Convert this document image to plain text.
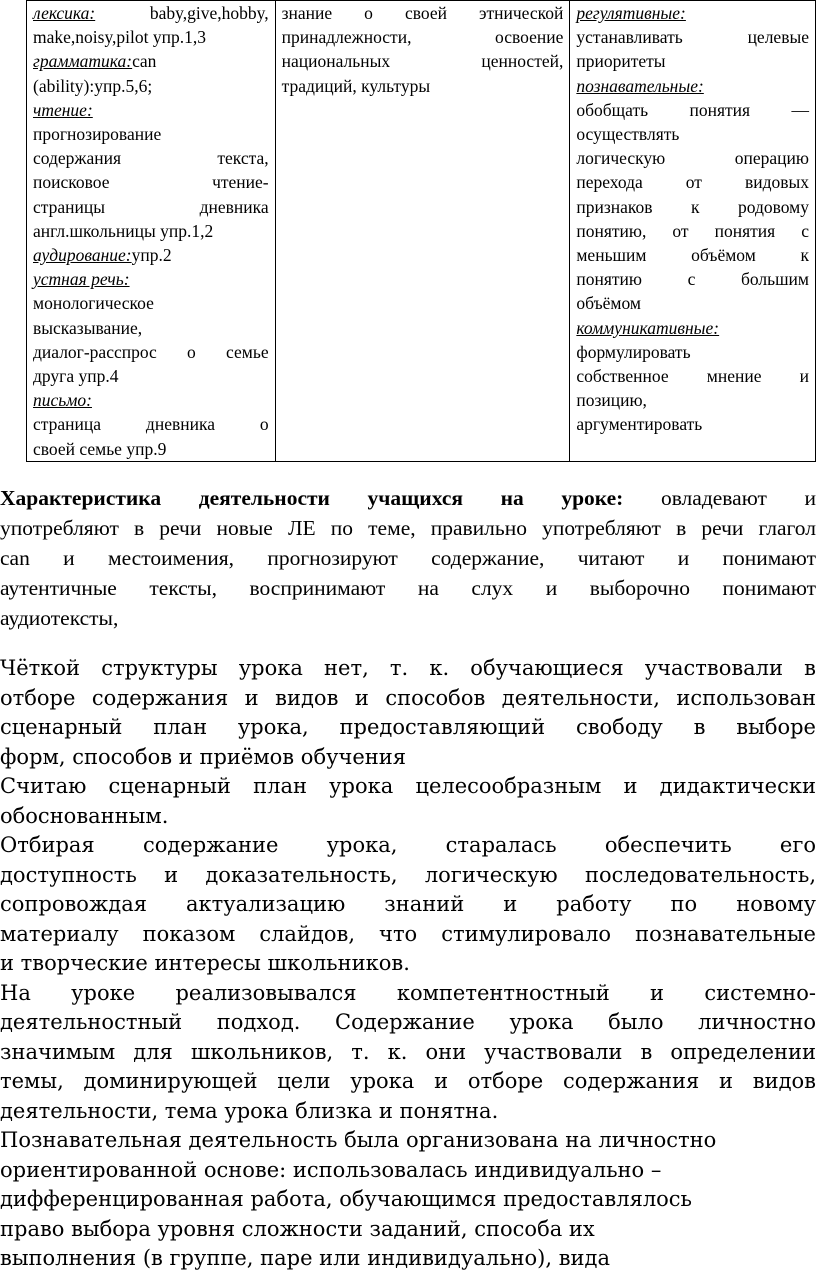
лексика: baby,give,hobby,
make,noisy,pilot упр.1,3
грамматика:can
(ability):упр.5,6;
чтение:
прогнозирование
содержания текста,
поисковое чтение-
страницы дневника
англ.школьницы упр.1,2
аудирование:упр.2
устная речь:
монологическое
высказывание,
диалог-расспрос о семье
друга упр.4
письмо:
страница дневника о
своей семье упр.9

знание о своей этнической
принадлежности, освоение
национальных ценностей,
традиций, культуры

регулятивные:
устанавливать целевые
приоритеты
познавательные:
обобщать понятия —
осуществлять
логическую операцию
перехода от видовых
признаков к родовому
понятию, от понятия с
меньшим объёмом к
понятию с большим
объёмом
коммуникативные:
формулировать
собственное мнение и
позицию,
аргументировать
Характеристика деятельности учащихся на уроке: овладевают и
употребляют в речи новые ЛЕ по теме, правильно употребляют в речи глагол
can и местоимения, прогнозируют содержание, читают и понимают
аутентичные тексты, воспринимают на слух и выборочно понимают
аудиотексты,
Чёткой структуры урока нет, т. к. обучающиеся участвовали в
отборе содержания и видов и способов деятельности, использован
сценарный план урока, предоставляющий свободу в выборе
форм, способов и приёмов обучения
Считаю сценарный план урока целесообразным и дидактически
обоснованным.
Отбирая содержание урока, старалась обеспечить его
доступность и доказательность, логическую последовательность,
сопровождая актуализацию знаний и работу по новому
материалу показом слайдов, что стимулировало познавательные
и творческие интересы школьников.
На уроке реализовывался компетентностный и системно-
деятельностный подход. Содержание урока было личностно
значимым для школьников, т. к. они участвовали в определении
темы, доминирующей цели урока и отборе содержания и видов
деятельности, тема урока близка и понятна.
Познавательная деятельность была организована на личностно
ориентированной основе: использовалась индивидуально –
дифференцированная работа, обучающимся предоставлялось
право выбора уровня сложности заданий, способа их
выполнения (в группе, паре или индивидуально), вида
